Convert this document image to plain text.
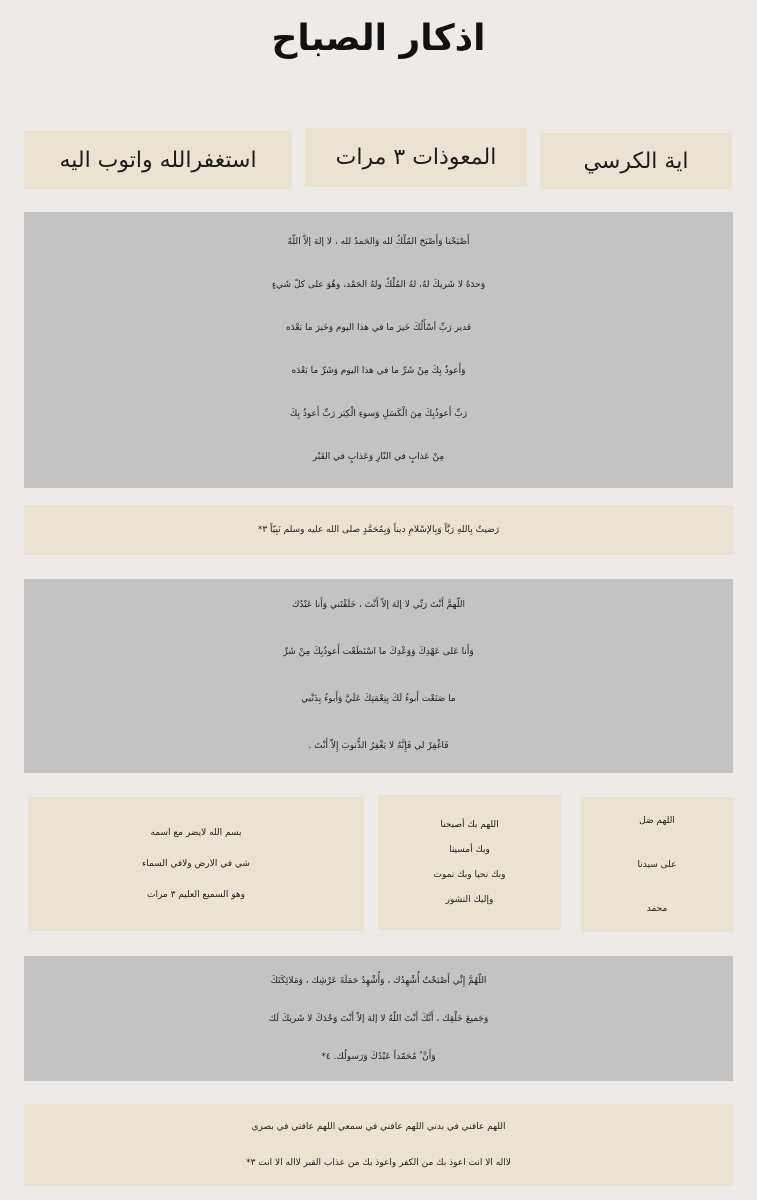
اذكار الصباح
اية الكرسي
المعوذات ٣ مرات
استغفرالله واتوب اليه
أَصْبَحْنا وَأَصْبَحَ المُلْكُ لله وَالحَمدُ لله ، لا إلهَ إلاّ اللّهُ
وَحدَهُ لا شَريكَ لهُ، لهُ المُلْكُ ولهُ الحَمْد، وهُوَ على كلّ شَيءٍ
قدير رَبِّ أسْأَلُكَ خَيرَ ما في هذا اليوم وَخَيرَ ما بَعْدَه
وَأَعوذُ بِكَ مِنْ شَرِّ ما في هذا اليوم وَشَرِّ ما بَعْدَه
رَبِّ أَعوذُبِكَ مِنَ الْكَسَلِ وَسوءِ الْكِبَر رَبِّ أَعوذُ بِكَ
مِنْ عَذابٍ في النّارِ وَعَذابٍ في القَبْر
رَضيتُ بِاللهِ رَبَّاً وَبِالإسْلامِ ديناً وَبِمُحَمَّدٍ صلى الله عليه وسلم نَبِيّاً ٣*
اللّهمَّ أَنْتَ رَبِّي لا إلهَ إلاّ أَنْتَ ، خَلَقْتَني وَأَنا عَبْدُك
وَأَنا عَلى عَهْدِكَ وَوَعْدِكَ ما اسْتَطَعْت أَعوذُبِكَ مِنْ شَرِّ
ما صَنَعْت أَبوءُ لَكَ بِنِعْمَتِكَ عَلَيَّ وَأَبوءُ بِذَنْبي
فَاغْفِرْ لي فَإِنَّهُ لا يَغْفِرُ الذُّنوبَ إِلاّ أَنْتَ .
بسم الله لايضر مع اسمه
شي في الارض ولافي السماء
وهو السميع العليم ٣ مرات
اللهم بك أصبحنا
وبك أمسينا
وبك نحيا وبك نموت
وإليك النشور
اللهم صَل
على سيدنا
محمد
اللّهُمَّ إِنِّي أَصْبَحْتُ أُشْهِدُك ، وَأُشْهِدُ حَمَلَةَ عَرْشِك ، وَمَلائِكَتَكَ
وَجَميعَ خَلْقِك ، أَنَّكَ أَنْتَ اللّهُ لا إلهَ إلاّ أَنْتَ وَحْدَكَ لا شَريكَ لَك
وَأَنَّ ُ مُحَمّداً عَبْدُكَ وَرَسولُك. ٤*
اللهم عافني في بدني اللهم عافني في سمعي اللهم عافني في بصري
لااله الا انت اعوذ بك من الكفر واعوذ بك من عذاب القبر لااله الا انت ٣*
